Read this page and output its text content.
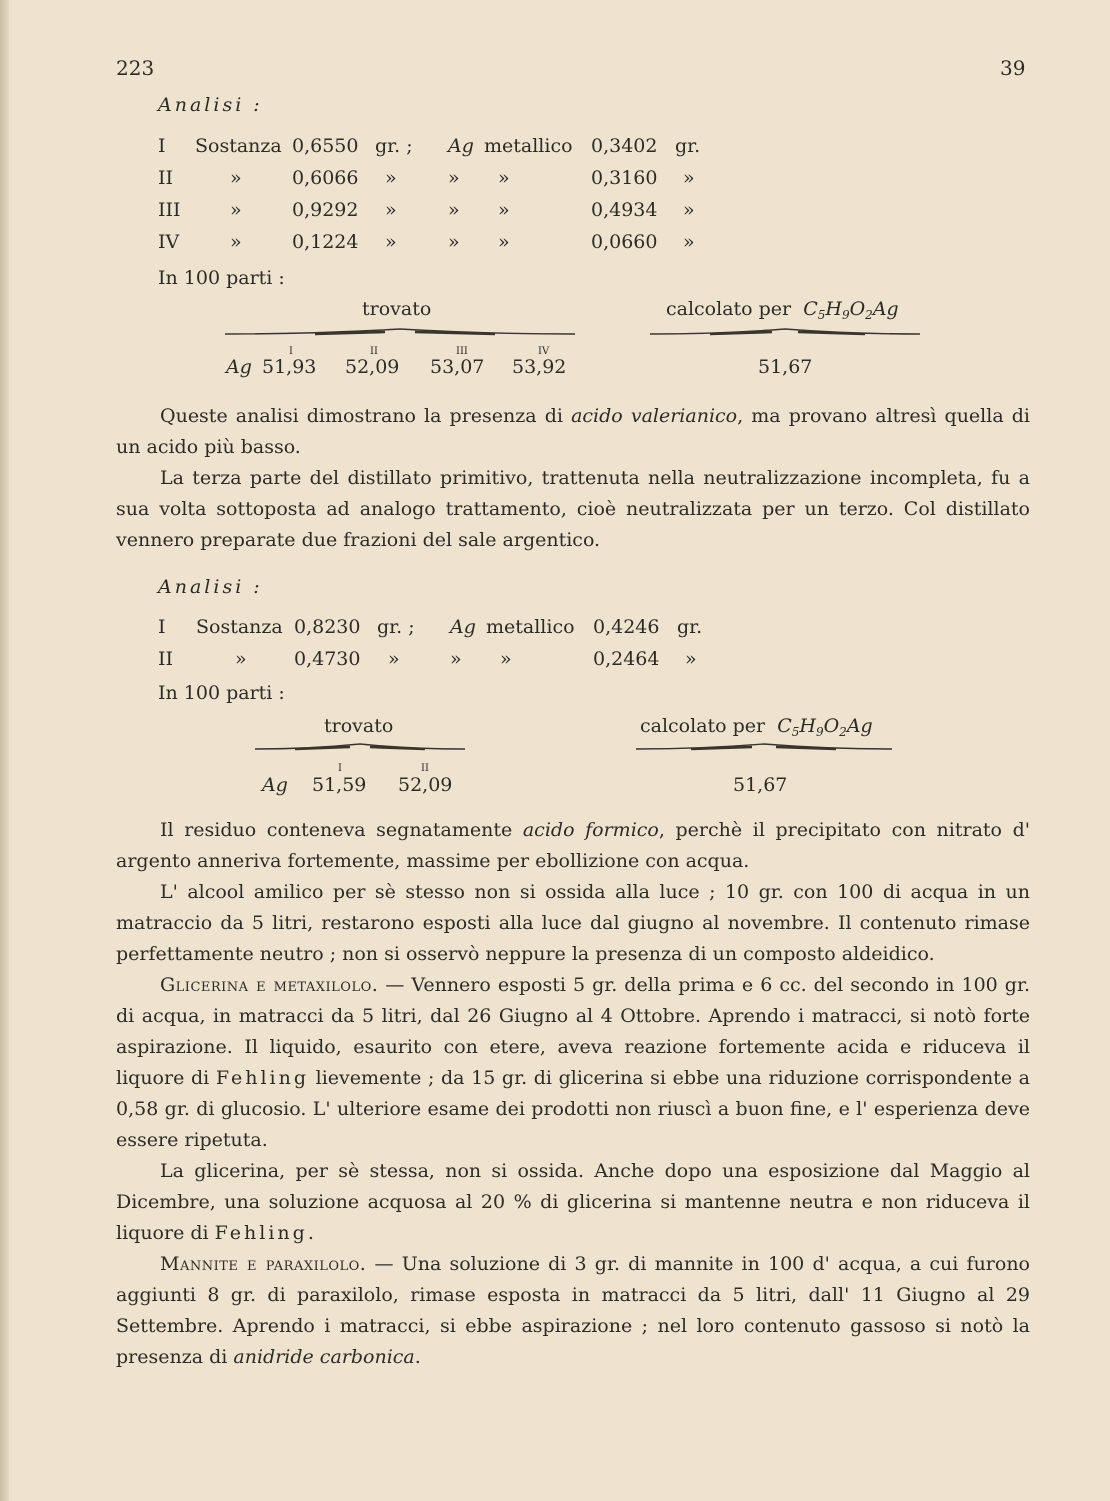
223	39
Analisi :
I Sostanza 0,6550 gr. ; Ag metallico 0,3402 gr.
II	»	0,6066 »	» »	0,3160 »
III	»	0,9292 »	» »	0,4934 »
IV	»	0,1224 »	» »	0,0660 »
In 100 parti :
trovato	calcolato per $C_5H_9O_2Ag$
I	II	III	IV
Ag 51,93 52,09 53,07 53,92	51,67

Queste analisi dimostrano la presenza di acido valerianico, ma provano altresì quella di un acido più basso.

La terza parte del distillato primitivo, trattenuta nella neutralizzazione incompleta, fu a sua volta sottoposta ad analogo trattamento, cioè neutralizzata per un terzo. Col distillato vennero preparate due frazioni del sale argentico.

Analisi :
I Sostanza 0,8230 gr. ; Ag metallico 0,4246 gr.
II	» 0,4730 »	» »	0,2464 »
In 100 parti :
trovato	calcolato per $C_5H_9O_2Ag$
I	II
Ag 51,59 52,09	51,67

Il residuo conteneva segnatamente acido formico, perchè il precipitato con nitrato d' argento anneriva fortemente, massime per ebollizione con acqua.

L' alcool amilico per sè stesso non si ossida alla luce ; 10 gr. con 100 di acqua in un matraccio da 5 litri, restarono esposti alla luce dal giugno al novembre. Il contenuto rimase perfettamente neutro ; non si osservò neppure la presenza di un composto aldeidico.

Glicerina e metaxilolo. — Vennero esposti 5 gr. della prima e 6 cc. del secondo in 100 gr. di acqua, in matracci da 5 litri, dal 26 Giugno al 4 Ottobre. Aprendo i matracci, si notò forte aspirazione. Il liquido, esaurito con etere, aveva reazione fortemente acida e riduceva il liquore di Fehling lievemente ; da 15 gr. di glicerina si ebbe una riduzione corrispondente a 0,58 gr. di glucosio. L' ulteriore esame dei prodotti non riuscì a buon fine, e l' esperienza deve essere ripetuta.

La glicerina, per sè stessa, non si ossida. Anche dopo una esposizione dal Maggio al Dicembre, una soluzione acquosa al 20 % di glicerina si mantenne neutra e non riduceva il liquore di Fehling.

Mannite e paraxilolo. — Una soluzione di 3 gr. di mannite in 100 d' acqua, a cui furono aggiunti 8 gr. di paraxilolo, rimase esposta in matracci da 5 litri, dall' 11 Giugno al 29 Settembre. Aprendo i matracci, si ebbe aspirazione ; nel loro contenuto gassoso si notò la presenza di anidride carbonica.
